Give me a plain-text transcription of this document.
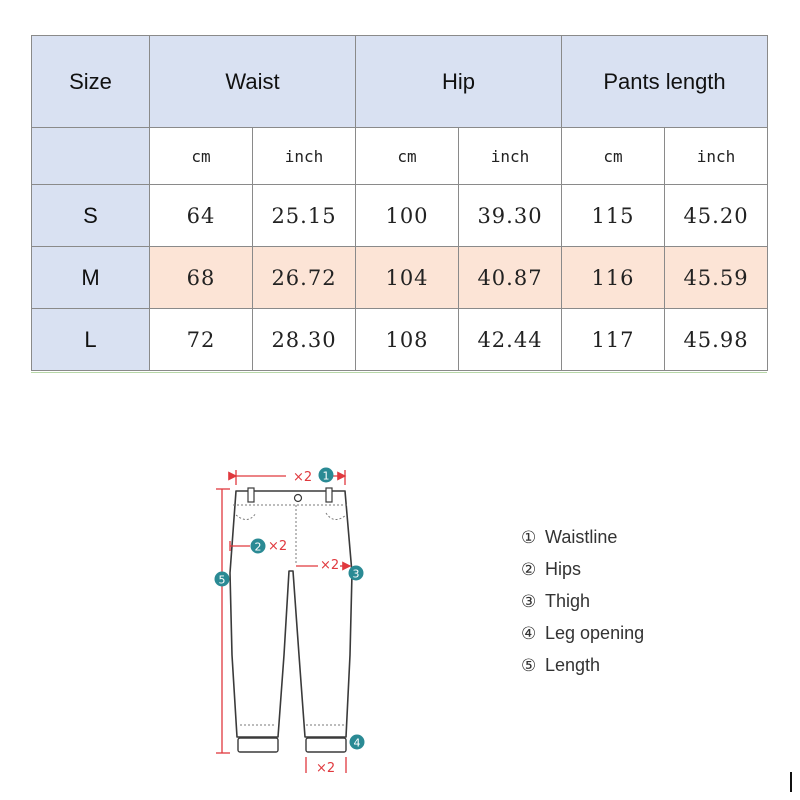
Size	Waist		Hip		Pants length	
	cm	inch	cm	inch	cm	inch
S	64	25.15	100	39.30	115	45.20
M	68	26.72	104	40.87	116	45.59
L	72	28.30	108	42.44	117	45.98
×2
×2
×2
×2
1
2
3
4
5
① Waistline
② Hips
③ Thigh
④ Leg opening
⑤ Length
